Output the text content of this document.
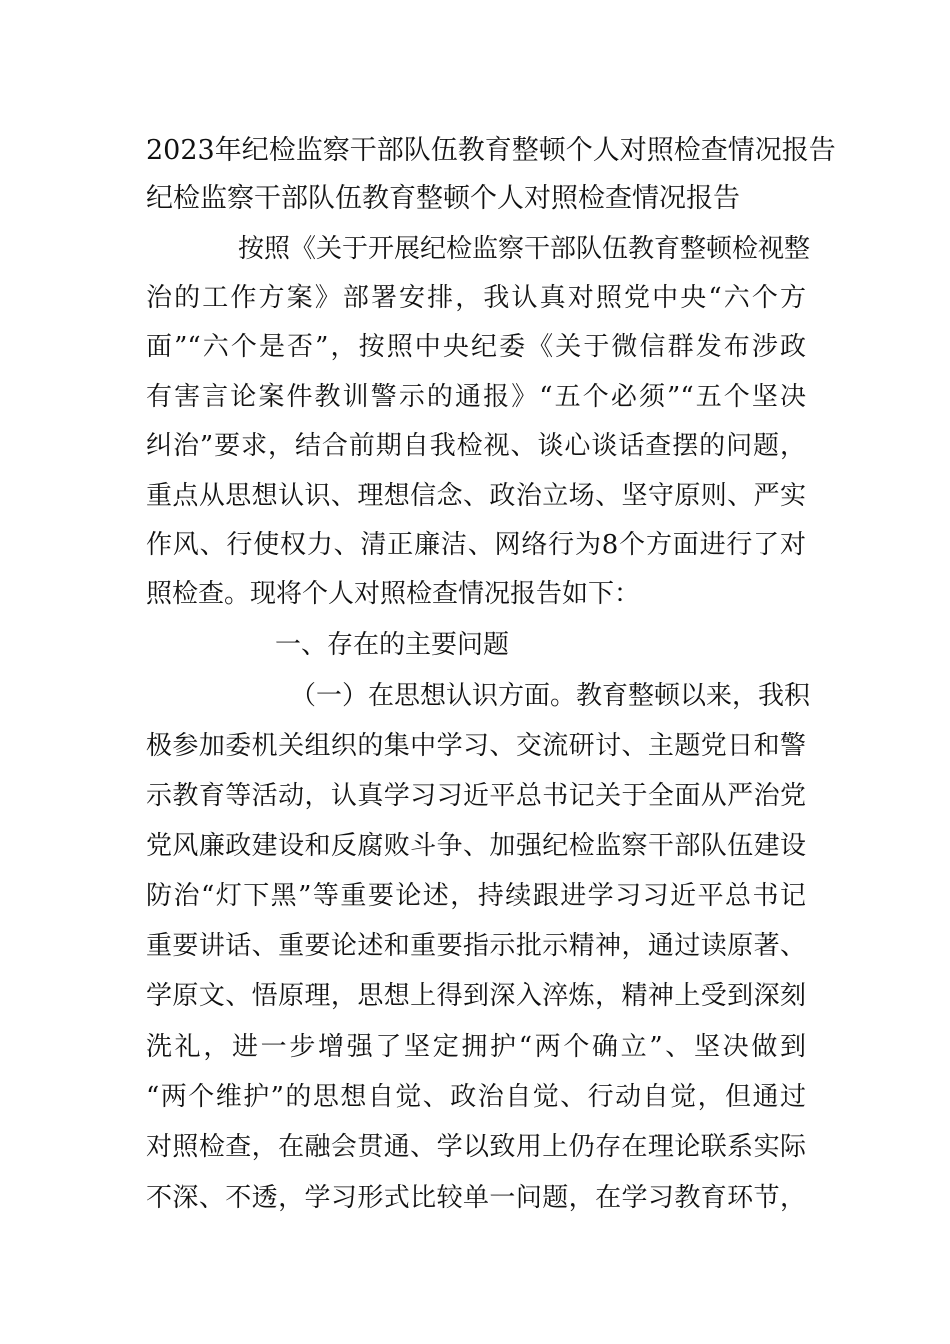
2023年纪检监察干部队伍教育整顿个人对照检查情况报告
纪检监察干部队伍教育整顿个人对照检查情况报告
按照《关于开展纪检监察干部队伍教育整顿检视整
治的工作方案》部署安排，我认真对照党中央“六个方
面”“六个是否”，按照中央纪委《关于微信群发布涉政
有害言论案件教训警示的通报》“五个必须”“五个坚决
纠治”要求，结合前期自我检视、谈心谈话查摆的问题，
重点从思想认识、理想信念、政治立场、坚守原则、严实
作风、行使权力、清正廉洁、网络行为8个方面进行了对
照检查。现将个人对照检查情况报告如下：
一、存在的主要问题
（一）在思想认识方面。教育整顿以来，我积
极参加委机关组织的集中学习、交流研讨、主题党日和警
示教育等活动，认真学习习近平总书记关于全面从严治党
党风廉政建设和反腐败斗争、加强纪检监察干部队伍建设
防治“灯下黑”等重要论述，持续跟进学习习近平总书记
重要讲话、重要论述和重要指示批示精神，通过读原著、
学原文、悟原理，思想上得到深入淬炼，精神上受到深刻
洗礼，进一步增强了坚定拥护“两个确立”、坚决做到
“两个维护”的思想自觉、政治自觉、行动自觉，但通过
对照检查，在融会贯通、学以致用上仍存在理论联系实际
不深、不透，学习形式比较单一问题，在学习教育环节，
